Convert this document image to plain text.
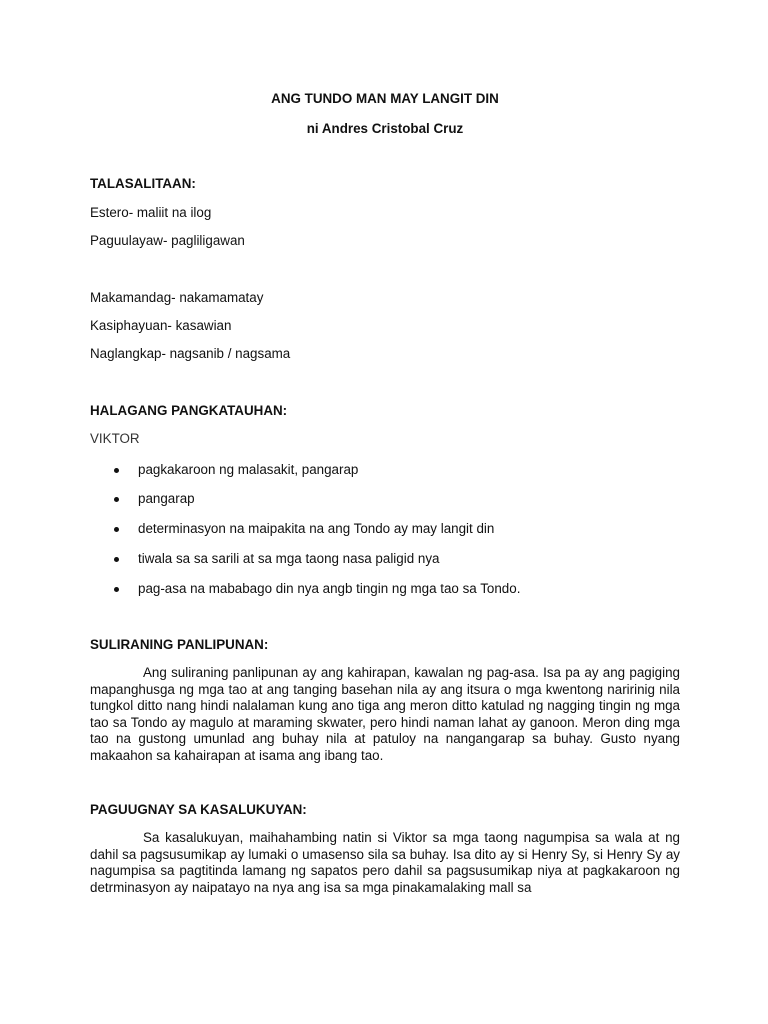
ANG TUNDO MAN MAY LANGIT DIN
ni Andres Cristobal Cruz
TALASALITAAN:
Estero- maliit na ilog
Paguulayaw- pagliligawan
Makamandag- nakamamatay
Kasiphayuan- kasawian
Naglangkap- nagsanib / nagsama
HALAGANG PANGKATAUHAN:
VIKTOR
pagkakaroon ng malasakit, pangarap
pangarap
determinasyon na maipakita na ang Tondo ay may langit din
tiwala sa sa sarili at sa mga taong nasa paligid nya
pag-asa na mababago din nya angb tingin ng mga tao sa Tondo.
SULIRANING PANLIPUNAN:

Ang suliraning panlipunan ay ang kahirapan, kawalan ng pag-asa. Isa pa ay ang pagiging mapanghusga ng mga tao at ang tanging basehan nila ay ang itsura o mga kwentong naririnig nila tungkol ditto nang hindi nalalaman kung ano tiga ang meron ditto katulad ng nagging tingin ng mga tao sa Tondo ay magulo at maraming skwater, pero hindi naman lahat ay ganoon. Meron ding mga tao na gustong umunlad ang buhay nila at patuloy na nangangarap sa buhay. Gusto nyang makaahon sa kahairapan at isama ang ibang tao.

PAGUUGNAY SA KASALUKUYAN:

Sa kasalukuyan, maihahambing natin si Viktor sa mga taong nagumpisa sa wala at ng dahil sa pagsusumikap ay lumaki o umasenso sila sa buhay. Isa dito ay si Henry Sy, si Henry Sy ay nagumpisa sa pagtitinda lamang ng sapatos pero dahil sa pagsusumikap niya at pagkakaroon ng detrminasyon ay naipatayo na nya ang isa sa mga pinakamalaking mall sa
